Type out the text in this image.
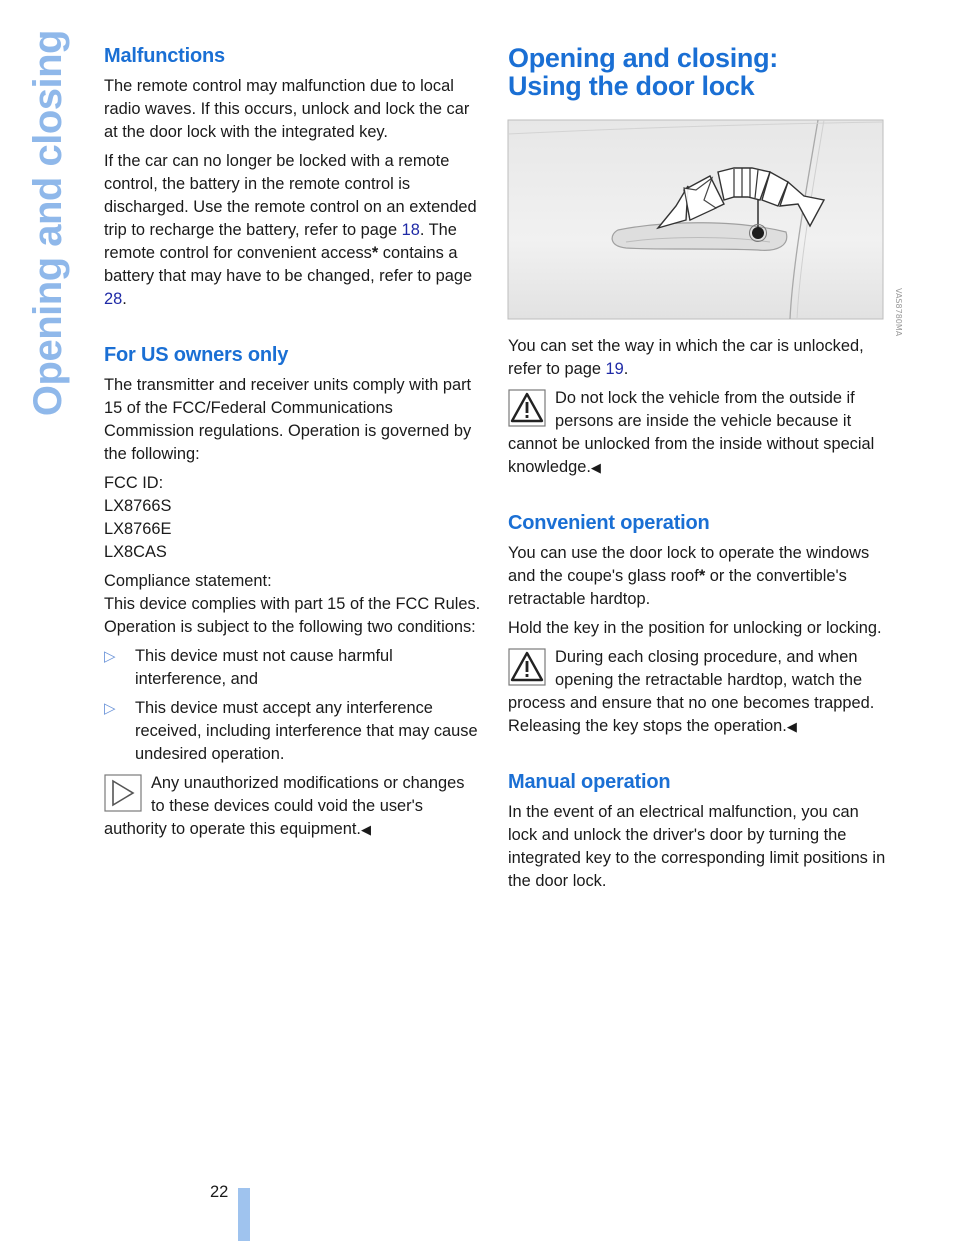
Opening and closing Malfunctions

The remote control may malfunction due to local radio waves. If this occurs, unlock and lock the car at the door lock with the integrated key.

If the car can no longer be locked with a remote control, the battery in the remote control is discharged. Use the remote control on an extended trip to recharge the battery, refer to page 18. The remote control for convenient access* contains a battery that may have to be changed, refer to page 28.

For US owners only

The transmitter and receiver units comply with part 15 of the FCC/Federal Communications Commission regulations. Operation is governed by the following:

FCC ID:
LX8766S
LX8766E
LX8CAS

Compliance statement:
This device complies with part 15 of the FCC Rules. Operation is subject to the following two conditions:

▷ This device must not cause harmful interference, and
▷ This device must accept any interference received, including interference that may cause undesired operation.
Any unauthorized modifications or changes to these devices could void the user's authority to operate this equipment.◀
Opening and closing:
Using the door lock
VAS8780MA

You can set the way in which the car is unlocked, refer to page 19.

Do not lock the vehicle from the outside if persons are inside the vehicle because it cannot be unlocked from the inside without special knowledge.◀
Convenient operation

You can use the door lock to operate the windows and the coupe's glass roof* or the convertible's retractable hardtop.

Hold the key in the position for unlocking or locking.

During each closing procedure, and when opening the retractable hardtop, watch the process and ensure that no one becomes trapped. Releasing the key stops the operation.◀
Manual operation

In the event of an electrical malfunction, you can lock and unlock the driver's door by turning the integrated key to the corresponding limit positions in the door lock.

22
